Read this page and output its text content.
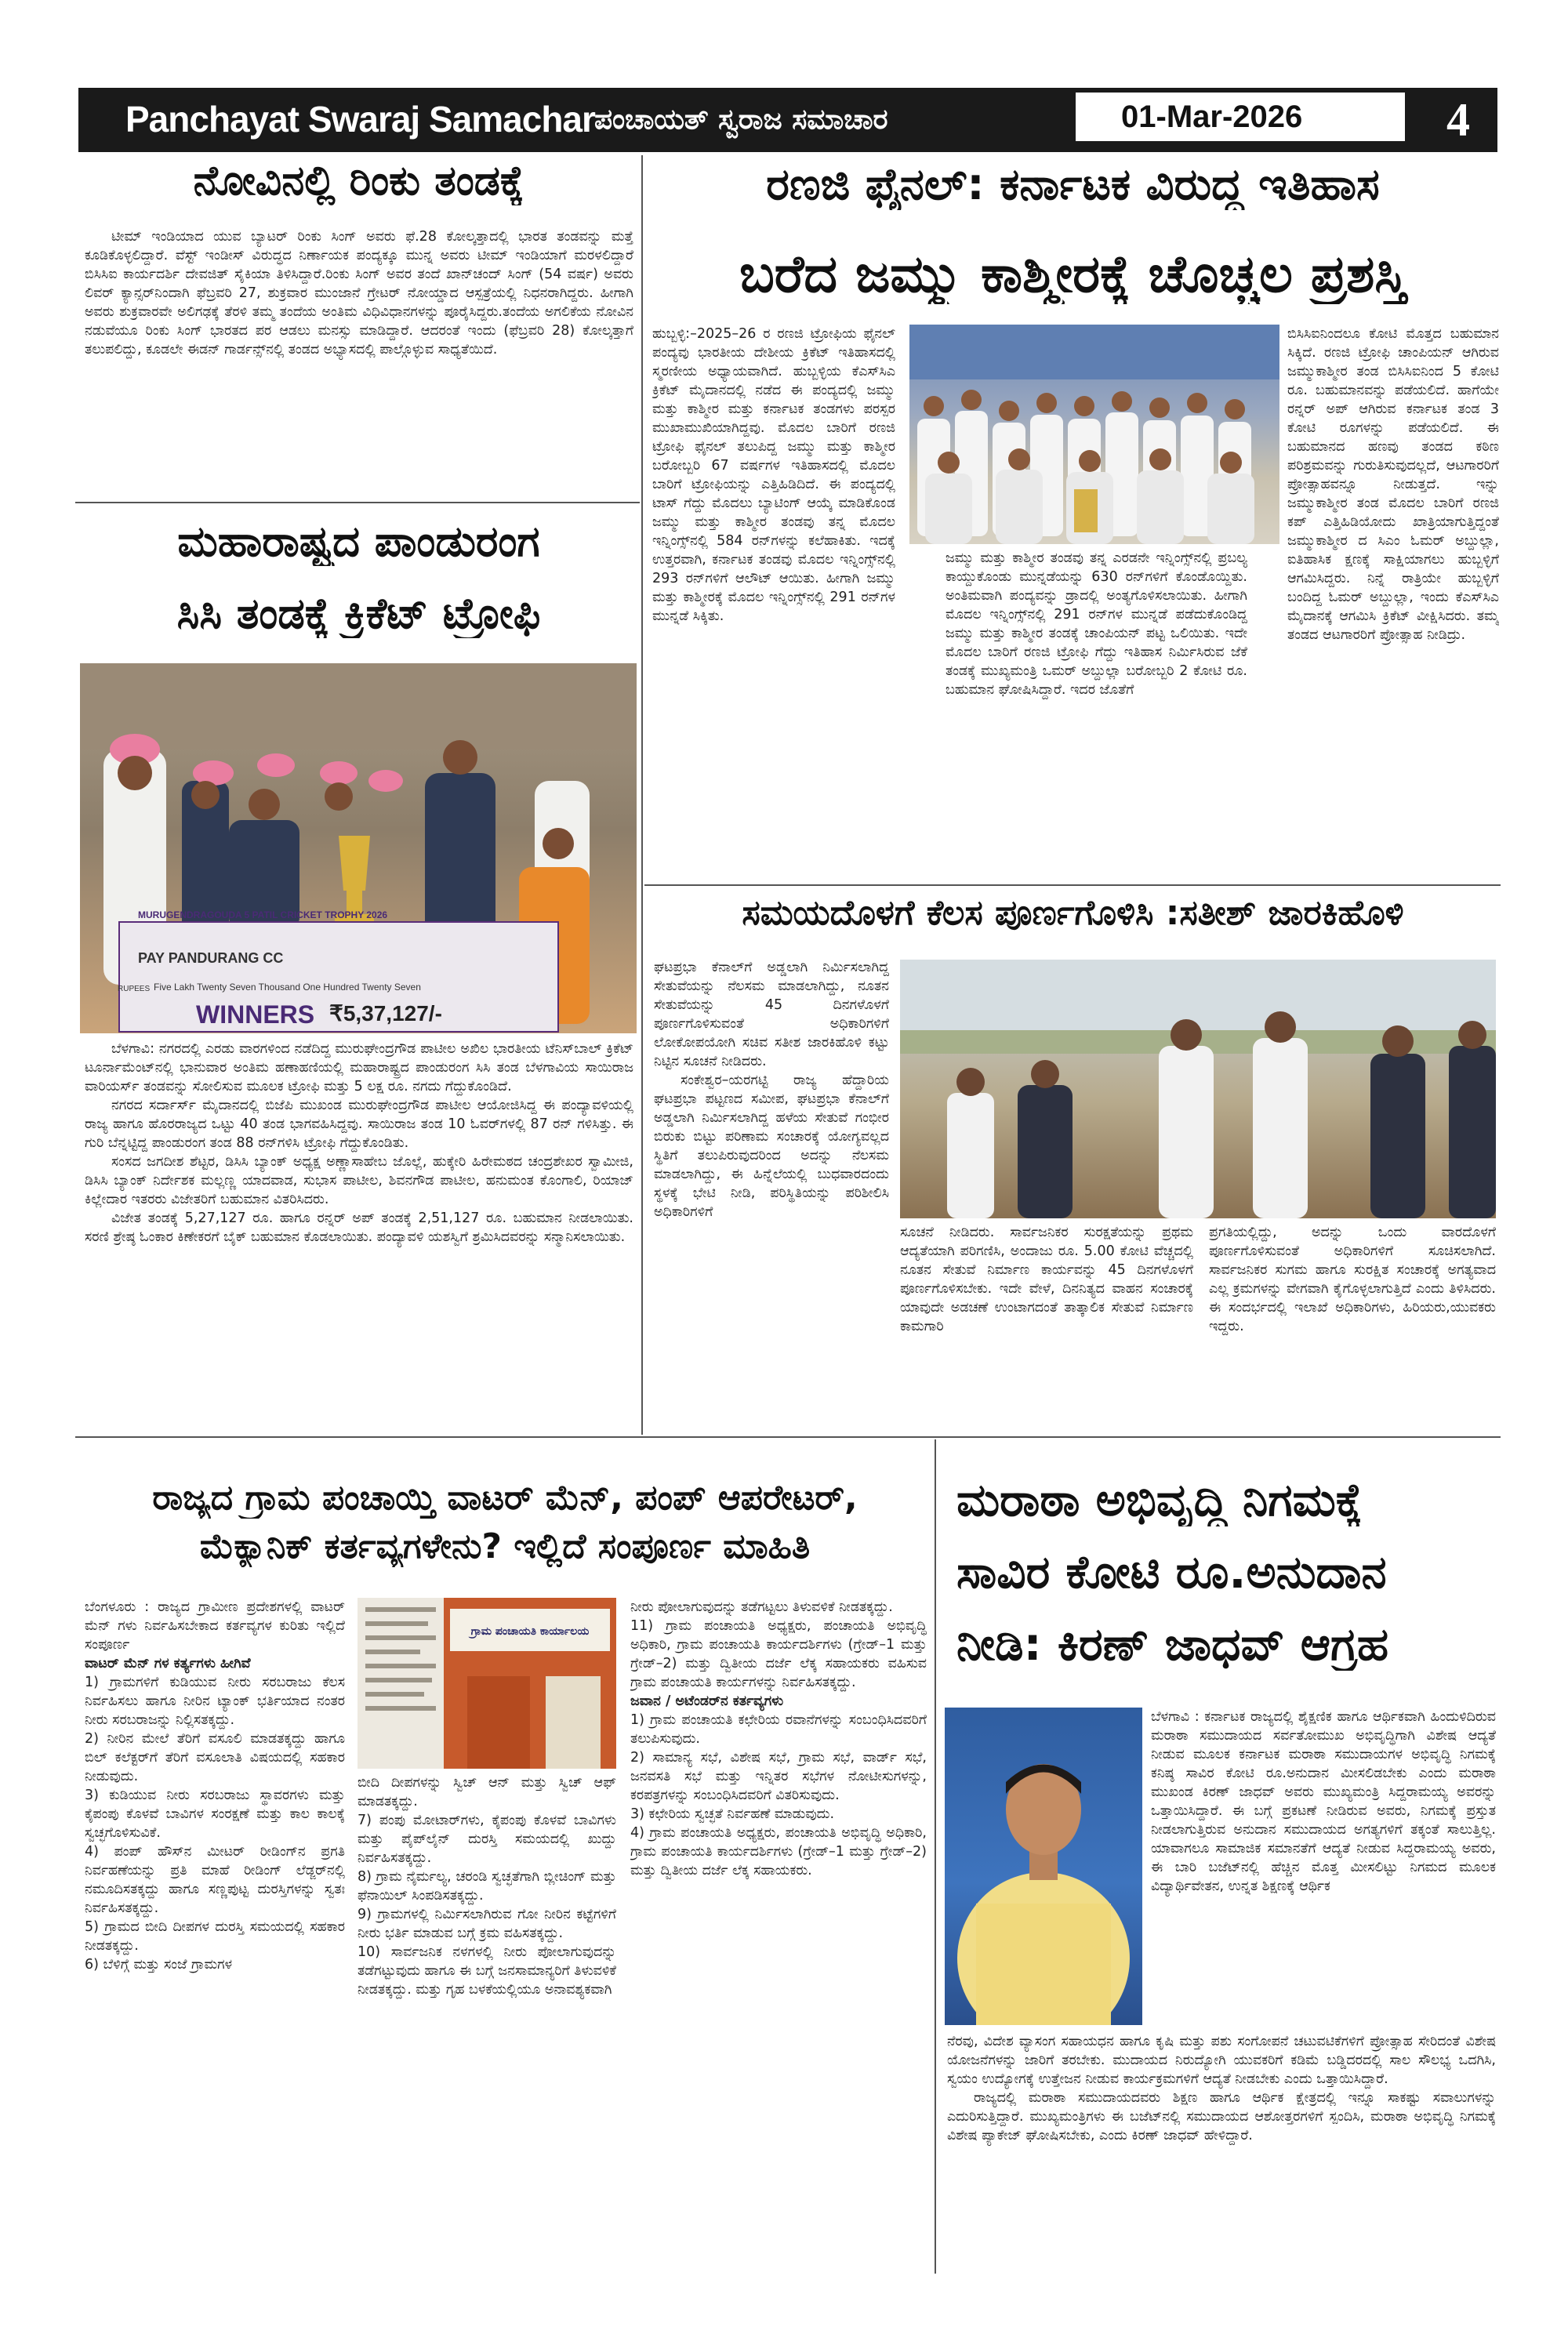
Panchayat Swaraj Samachar ಪಂಚಾಯತ್ ಸ್ವರಾಜ ಸಮಾಚಾರ	01-Mar-2026	4
ನೋವಿನಲ್ಲಿ ರಿಂಕು ತಂಡಕ್ಕೆ
ಟೀಮ್ ಇಂಡಿಯಾದ ಯುವ ಬ್ಯಾಟರ್ ರಿಂಕು ಸಿಂಗ್ ಅವರು ಫೆ.28 ಕೋಲ್ಕತ್ತಾದಲ್ಲಿ ಭಾರತ ತಂಡವನ್ನು ಮತ್ತೆ ಕೂಡಿಕೊಳ್ಳಲಿದ್ದಾರೆ. ವೆಸ್ಟ್ ಇಂಡೀಸ್ ವಿರುದ್ಧದ ನಿರ್ಣಾಯಕ ಪಂದ್ಯಕ್ಕೂ ಮುನ್ನ ಅವರು ಟೀಮ್ ಇಂಡಿಯಾಗೆ ಮರಳಲಿದ್ದಾರೆ ಬಿಸಿಸಿಐ ಕಾರ್ಯದರ್ಶಿ ದೇವಜಿತ್ ಸೈಕಿಯಾ ತಿಳಿಸಿದ್ದಾರೆ.ರಿಂಕು ಸಿಂಗ್ ಅವರ ತಂದೆ ಖಾನ್‌ಚಂದ್ ಸಿಂಗ್ (54 ವರ್ಷ) ಅವರು ಲಿವರ್ ಕ್ಯಾನ್ಸರ್‌ನಿಂದಾಗಿ ಫೆಬ್ರವರಿ 27, ಶುಕ್ರವಾರ ಮುಂಜಾನೆ ಗ್ರೇಟರ್ ನೋಯ್ಡಾದ ಆಸ್ಪತ್ರೆಯಲ್ಲಿ ನಿಧನರಾಗಿದ್ದರು. ಹೀಗಾಗಿ ಅವರು ಶುಕ್ರವಾರವೇ ಅಲಿಗಢಕ್ಕೆ ತೆರಳಿ ತಮ್ಮ ತಂದೆಯ ಅಂತಿಮ ವಿಧಿವಿಧಾನಗಳನ್ನು ಪೂರೈಸಿದ್ದರು.ತಂದೆಯ ಅಗಲಿಕೆಯ ನೋವಿನ ನಡುವೆಯೂ ರಿಂಕು ಸಿಂಗ್ ಭಾರತದ ಪರ ಆಡಲು ಮನಸ್ಸು ಮಾಡಿದ್ದಾರೆ. ಆದರಂತೆ ಇಂದು (ಫೆಬ್ರವರಿ 28) ಕೋಲ್ಕತ್ತಾಗೆ ತಲುಪಲಿದ್ದು, ಕೂಡಲೇ ಈಡನ್ ಗಾರ್ಡನ್ಸ್‌ನಲ್ಲಿ ತಂಡದ ಅಭ್ಯಾಸದಲ್ಲಿ ಪಾಲ್ಗೊಳ್ಳುವ ಸಾಧ್ಯತೆಯಿದೆ.
ರಣಜಿ ಫೈನಲ್: ಕರ್ನಾಟಕ ವಿರುದ್ಧ ಇತಿಹಾಸ
ಬರೆದ ಜಮ್ಮು ಕಾಶ್ಮೀರಕ್ಕೆ ಚೊಚ್ಚಲ ಪ್ರಶಸ್ತಿ
ಹುಬ್ಬಳ್ಳಿ:–2025–26 ರ ರಣಜಿ ಟ್ರೋಫಿಯ ಫೈನಲ್ ಪಂದ್ಯವು ಭಾರತೀಯ ದೇಶೀಯ ಕ್ರಿಕೆಟ್ ಇತಿಹಾಸದಲ್ಲಿ ಸ್ಮರಣೀಯ ಅಧ್ಯಾಯವಾಗಿದೆ. ಹುಬ್ಬಳ್ಳಿಯ ಕೆಎಸ್‌ಸಿಎ ಕ್ರಿಕೆಟ್ ಮೈದಾನದಲ್ಲಿ ನಡೆದ ಈ ಪಂದ್ಯದಲ್ಲಿ ಜಮ್ಮು ಮತ್ತು ಕಾಶ್ಮೀರ ಮತ್ತು ಕರ್ನಾಟಕ ತಂಡಗಳು ಪರಸ್ಪರ ಮುಖಾಮುಖಿಯಾಗಿದ್ದವು. ಮೊದಲ ಬಾರಿಗೆ ರಣಜಿ ಟ್ರೋಫಿ ಫೈನಲ್ ತಲುಪಿದ್ದ ಜಮ್ಮು ಮತ್ತು ಕಾಶ್ಮೀರ ಬರೋಬ್ಬರಿ 67 ವರ್ಷಗಳ ಇತಿಹಾಸದಲ್ಲಿ ಮೊದಲ ಬಾರಿಗೆ ಟ್ರೋಫಿಯನ್ನು ಎತ್ತಿಹಿಡಿದಿದೆ. ಈ ಪಂದ್ಯದಲ್ಲಿ ಟಾಸ್ ಗೆದ್ದು ಮೊದಲು ಬ್ಯಾಟಿಂಗ್ ಆಯ್ಕೆ ಮಾಡಿಕೊಂಡ ಜಮ್ಮು ಮತ್ತು ಕಾಶ್ಮೀರ ತಂಡವು ತನ್ನ ಮೊದಲ ಇನ್ನಿಂಗ್ಸ್‌ನಲ್ಲಿ 584 ರನ್‌ಗಳನ್ನು ಕಲೆಹಾಕಿತು. ಇದಕ್ಕೆ ಉತ್ತರವಾಗಿ, ಕರ್ನಾಟಕ ತಂಡವು ಮೊದಲ ಇನ್ನಿಂಗ್ಸ್‌ನಲ್ಲಿ 293 ರನ್‌ಗಳಿಗೆ ಆಲೌಟ್ ಆಯಿತು. ಹೀಗಾಗಿ ಜಮ್ಮು ಮತ್ತು ಕಾಶ್ಮೀರಕ್ಕೆ ಮೊದಲ ಇನ್ನಿಂಗ್ಸ್‌ನಲ್ಲಿ 291 ರನ್‌ಗಳ ಮುನ್ನಡೆ ಸಿಕ್ಕಿತು.
ಜಮ್ಮು ಮತ್ತು ಕಾಶ್ಮೀರ ತಂಡವು ತನ್ನ ಎರಡನೇ ಇನ್ನಿಂಗ್ಸ್‌ನಲ್ಲಿ ಪ್ರಬಲ್ಯ ಕಾಯ್ದುಕೊಂಡು ಮುನ್ನಡೆಯನ್ನು 630 ರನ್‌ಗಳಿಗೆ ಕೊಂಡೊಯ್ದಿತು. ಅಂತಿಮವಾಗಿ ಪಂದ್ಯವನ್ನು ಡ್ರಾದಲ್ಲಿ ಅಂತ್ಯಗೊಳಿಸಲಾಯಿತು. ಹೀಗಾಗಿ ಮೊದಲ ಇನ್ನಿಂಗ್ಸ್‌ನಲ್ಲಿ 291 ರನ್‌ಗಳ ಮುನ್ನಡೆ ಪಡೆದುಕೊಂಡಿದ್ದ ಜಮ್ಮು ಮತ್ತು ಕಾಶ್ಮೀರ ತಂಡಕ್ಕೆ ಚಾಂಪಿಯನ್ ಪಟ್ಟ ಒಲಿಯಿತು. ಇದೇ ಮೊದಲ ಬಾರಿಗೆ ರಣಜಿ ಟ್ರೋಫಿ ಗೆದ್ದು ಇತಿಹಾಸ ನಿರ್ಮಿಸಿರುವ ಜೆಕೆ ತಂಡಕ್ಕೆ ಮುಖ್ಯಮಂತ್ರಿ ಒಮರ್ ಅಬ್ದುಲ್ಲಾ ಬರೋಬ್ಬರಿ 2 ಕೋಟಿ ರೂ. ಬಹುಮಾನ ಘೋಷಿಸಿದ್ದಾರೆ. ಇದರ ಜೊತೆಗೆ
ಬಿಸಿಸಿಐನಿಂದಲೂ ಕೋಟಿ ಮೊತ್ತದ ಬಹುಮಾನ ಸಿಕ್ಕಿದೆ. ರಣಜಿ ಟ್ರೋಫಿ ಚಾಂಪಿಯನ್ ಆಗಿರುವ ಜಮ್ಮುಕಾಶ್ಮೀರ ತಂಡ ಬಿಸಿಸಿಐನಿಂದ 5 ಕೋಟಿ ರೂ. ಬಹುಮಾನವನ್ನು ಪಡೆಯಲಿದೆ. ಹಾಗೆಯೇ ರನ್ನರ್ ಅಪ್ ಆಗಿರುವ ಕರ್ನಾಟಕ ತಂಡ 3 ಕೋಟಿ ರೂಗಳನ್ನು ಪಡೆಯಲಿದೆ. ಈ ಬಹುಮಾನದ ಹಣವು ತಂಡದ ಕಠಿಣ ಪರಿಶ್ರಮವನ್ನು ಗುರುತಿಸುವುದಲ್ಲದೆ, ಆಟಗಾರರಿಗೆ ಪ್ರೋತ್ಸಾಹವನ್ನೂ ನೀಡುತ್ತದೆ. ಇನ್ನು ಜಮ್ಮುಕಾಶ್ಮೀರ ತಂಡ ಮೊದಲ ಬಾರಿಗೆ ರಣಜಿ ಕಪ್ ಎತ್ತಿಹಿಡಿಯೋದು ಖಾತ್ರಿಯಾಗುತ್ತಿದ್ದಂತೆ ಜಮ್ಮುಕಾಶ್ಮೀರ ದ ಸಿಎಂ ಓಮರ್ ಅಬ್ದುಲ್ಲಾ, ಐತಿಹಾಸಿಕ ಕ್ಷಣಕ್ಕೆ ಸಾಕ್ಷಿಯಾಗಲು ಹುಬ್ಬಳ್ಳಿಗೆ ಆಗಮಿಸಿದ್ದರು. ನಿನ್ನೆ ರಾತ್ರಿಯೇ ಹುಬ್ಬಳ್ಳಿಗೆ ಬಂದಿದ್ದ ಓಮರ್ ಅಬ್ದುಲ್ಲಾ, ಇಂದು ಕೆಎಸ್‌ಸಿಎ ಮೈದಾನಕ್ಕೆ ಆಗಮಿಸಿ ಕ್ರಿಕೆಟ್ ವೀಕ್ಷಿಸಿದರು. ತಮ್ಮ ತಂಡದ ಆಟಗಾರರಿಗೆ ಪ್ರೋತ್ಸಾಹ ನೀಡಿದ್ರು.
ಮಹಾರಾಷ್ಟ್ರದ ಪಾಂಡುರಂಗ
ಸಿಸಿ ತಂಡಕ್ಕೆ ಕ್ರಿಕೆಟ್ ಟ್ರೋಫಿ
MURUGENDRAGOUDA 5 PATIL CRICKET TROPHY 2026
PAY PANDURANG CC
RUPEES Five Lakh Twenty Seven Thousand One Hundred Twenty Seven
WINNERS ₹5,37,127/-

ಬೆಳಗಾವಿ: ನಗರದಲ್ಲಿ ಎರಡು ವಾರಗಳಿಂದ ನಡೆದಿದ್ದ ಮುರುಘೇಂದ್ರಗೌಡ ಪಾಟೀಲ ಅಖಿಲ ಭಾರತೀಯ ಟೆನಿಸ್‌ಬಾಲ್ ಕ್ರಿಕೆಟ್ ಟೂರ್ನಾಮೆಂಟ್‌ನಲ್ಲಿ ಭಾನುವಾರ ಅಂತಿಮ ಹಣಾಹಣಿಯಲ್ಲಿ ಮಹಾರಾಷ್ಟ್ರದ ಪಾಂಡುರಂಗ ಸಿಸಿ ತಂಡ ಬೆಳಗಾವಿಯ ಸಾಯಿರಾಜ ವಾರಿಯರ್ಸ್ ತಂಡವನ್ನು ಸೋಲಿಸುವ ಮೂಲಕ ಟ್ರೋಫಿ ಮತ್ತು 5 ಲಕ್ಷ ರೂ. ನಗದು ಗೆದ್ದುಕೊಂಡಿದೆ.

ನಗರದ ಸರ್ದಾರ್ಸ್ ಮೈದಾನದಲ್ಲಿ ಬಿಜೆಪಿ ಮುಖಂಡ ಮುರುಘೇಂದ್ರಗೌಡ ಪಾಟೀಲ ಆಯೋಜಿಸಿದ್ದ ಈ ಪಂದ್ಯಾವಳಿಯಲ್ಲಿ ರಾಜ್ಯ ಹಾಗೂ ಹೊರರಾಜ್ಯದ ಒಟ್ಟು 40 ತಂಡ ಭಾಗವಹಿಸಿದ್ದವು. ಸಾಯಿರಾಜ ತಂಡ 10 ಓವರ್‌ಗಳಲ್ಲಿ 87 ರನ್ ಗಳಿಸಿತ್ತು. ಈ ಗುರಿ ಬೆನ್ನಟ್ಟಿದ್ದ ಪಾಂಡುರಂಗ ತಂಡ 88 ರನ್‌ಗಳಿಸಿ ಟ್ರೋಫಿ ಗೆದ್ದುಕೊಂಡಿತು.

ಸಂಸದ ಜಗದೀಶ ಶೆಟ್ಟರ, ಡಿಸಿಸಿ ಬ್ಯಾಂಕ್ ಅಧ್ಯಕ್ಷ ಅಣ್ಣಾಸಾಹೇಬ ಜೊಲ್ಲೆ, ಹುಕ್ಕೇರಿ ಹಿರೇಮಠದ ಚಂದ್ರಶೇಖರ ಸ್ವಾಮೀಜಿ, ಡಿಸಿಸಿ ಬ್ಯಾಂಕ್ ನಿರ್ದೇಶಕ ಮಲ್ಲಣ್ಣ ಯಾದವಾಡ, ಸುಭಾಸ ಪಾಟೀಲ, ಶಿವನಗೌಡ ಪಾಟೀಲ, ಹನುಮಂತ ಕೊಂಗಾಲಿ, ರಿಯಾಜ್ ಕಿಲ್ಲೇದಾರ ಇತರರು ವಿಜೇತರಿಗೆ ಬಹುಮಾನ ವಿತರಿಸಿದರು.

ವಿಜೇತ ತಂಡಕ್ಕೆ 5,27,127 ರೂ. ಹಾಗೂ ರನ್ನರ್ ಅಪ್ ತಂಡಕ್ಕೆ 2,51,127 ರೂ. ಬಹುಮಾನ ನೀಡಲಾಯಿತು. ಸರಣಿ ಶ್ರೇಷ್ಠ ಓಂಕಾರ ಕಿಣೇಕರಗೆ ಬೈಕ್ ಬಹುಮಾನ ಕೊಡಲಾಯಿತು. ಪಂದ್ಯಾವಳಿ ಯಶಸ್ವಿಗೆ ಶ್ರಮಿಸಿದವರನ್ನು ಸನ್ಮಾನಿಸಲಾಯಿತು.

ಸಮಯದೊಳಗೆ ಕೆಲಸ ಪೂರ್ಣಗೊಳಿಸಿ :ಸತೀಶ್ ಜಾರಕಿಹೊಳಿ

ಘಟಪ್ರಭಾ ಕೆನಾಲ್‌ಗೆ ಅಡ್ಡಲಾಗಿ ನಿರ್ಮಿಸಲಾಗಿದ್ದ ಸೇತುವೆಯನ್ನು ನೆಲಸಮ ಮಾಡಲಾಗಿದ್ದು, ನೂತನ ಸೇತುವೆಯನ್ನು 45 ದಿನಗಳೊಳಗೆ ಪೂರ್ಣಗೊಳಿಸುವಂತೆ ಅಧಿಕಾರಿಗಳಿಗೆ ಲೋಕೋಪಯೋಗಿ ಸಚಿವ ಸತೀಶ ಜಾರಕಿಹೊಳಿ ಕಟ್ಟು ನಿಟ್ಟಿನ ಸೂಚನೆ ನೀಡಿದರು.

ಸಂಕೇಶ್ವರ–ಯರಗಟ್ಟಿ ರಾಜ್ಯ ಹೆದ್ದಾರಿಯ ಘಟಪ್ರಭಾ ಪಟ್ಟಣದ ಸಮೀಪ, ಘಟಪ್ರಭಾ ಕೆನಾಲ್‌ಗೆ ಅಡ್ಡಲಾಗಿ ನಿರ್ಮಿಸಲಾಗಿದ್ದ ಹಳೆಯ ಸೇತುವೆ ಗಂಭೀರ ಬಿರುಕು ಬಿಟ್ಟು ಪರಿಣಾಮ ಸಂಚಾರಕ್ಕೆ ಯೋಗ್ಯವಲ್ಲದ ಸ್ಥಿತಿಗೆ ತಲುಪಿರುವುದರಿಂದ ಅದನ್ನು ನೆಲಸಮ ಮಾಡಲಾಗಿದ್ದು, ಈ ಹಿನ್ನೆಲೆಯಲ್ಲಿ ಬುಧವಾರದಂದು ಸ್ಥಳಕ್ಕೆ ಭೇಟಿ ನೀಡಿ, ಪರಿಸ್ಥಿತಿಯನ್ನು ಪರಿಶೀಲಿಸಿ ಅಧಿಕಾರಿಗಳಿಗೆ

ಸೂಚನೆ ನೀಡಿದರು. ಸಾರ್ವಜನಿಕರ ಸುರಕ್ಷತೆಯನ್ನು ಪ್ರಥಮ ಆದ್ಯತೆಯಾಗಿ ಪರಿಗಣಿಸಿ, ಅಂದಾಜು ರೂ. 5.00 ಕೋಟಿ ವೆಚ್ಚದಲ್ಲಿ ನೂತನ ಸೇತುವೆ ನಿರ್ಮಾಣ ಕಾರ್ಯವನ್ನು 45 ದಿನಗಳೊಳಗೆ ಪೂರ್ಣಗೊಳಿಸಬೇಕು. ಇದೇ ವೇಳೆ, ದಿನನಿತ್ಯದ ವಾಹನ ಸಂಚಾರಕ್ಕೆ ಯಾವುದೇ ಅಡಚಣೆ ಉಂಟಾಗದಂತೆ ತಾತ್ಕಾಲಿಕ ಸೇತುವೆ ನಿರ್ಮಾಣ ಕಾಮಗಾರಿ
ಪ್ರಗತಿಯಲ್ಲಿದ್ದು, ಅದನ್ನು ಒಂದು ವಾರದೊಳಗೆ ಪೂರ್ಣಗೊಳಿಸುವಂತೆ ಅಧಿಕಾರಿಗಳಿಗೆ ಸೂಚಿಸಲಾಗಿದೆ. ಸಾರ್ವಜನಿಕರ ಸುಗಮ ಹಾಗೂ ಸುರಕ್ಷಿತ ಸಂಚಾರಕ್ಕೆ ಅಗತ್ಯವಾದ ಎಲ್ಲ ಕ್ರಮಗಳನ್ನು ವೇಗವಾಗಿ ಕೈಗೊಳ್ಳಲಾಗುತ್ತಿದೆ ಎಂದು ತಿಳಿಸಿದರು. ಈ ಸಂದರ್ಭದಲ್ಲಿ ಇಲಾಖೆ ಅಧಿಕಾರಿಗಳು, ಹಿರಿಯರು,ಯುವಕರು ಇದ್ದರು.
ರಾಜ್ಯದ ಗ್ರಾಮ ಪಂಚಾಯ್ತಿ ವಾಟರ್ ಮೆನ್, ಪಂಪ್ ಆಪರೇಟರ್,
ಮೆಕ್ಯಾನಿಕ್ ಕರ್ತವ್ಯಗಳೇನು? ಇಲ್ಲಿದೆ ಸಂಪೂರ್ಣ ಮಾಹಿತಿ

ಬೆಂಗಳೂರು : ರಾಜ್ಯದ ಗ್ರಾಮೀಣ ಪ್ರದೇಶಗಳಲ್ಲಿ ವಾಟರ್ ಮೆನ್ ಗಳು ನಿರ್ವಹಿಸಬೇಕಾದ ಕರ್ತವ್ಯಗಳ ಕುರಿತು ಇಲ್ಲಿದೆ ಸಂಪೂರ್ಣ

ವಾಟರ್ ಮೆನ್ ಗಳ ಕರ್ತ್ಯಗಳು ಹೀಗಿವೆ

1) ಗ್ರಾಮಗಳಿಗೆ ಕುಡಿಯುವ ನೀರು ಸರಬರಾಜು ಕೆಲಸ ನಿರ್ವಹಿಸಲು ಹಾಗೂ ನೀರಿನ ಟ್ಯಾಂಕ್ ಭರ್ತಿಯಾದ ನಂತರ ನೀರು ಸರಬರಾಜನ್ನು ನಿಲ್ಲಿಸತಕ್ಕದ್ದು.

2) ನೀರಿನ ಮೇಲೆ ತೆರಿಗೆ ವಸೂಲಿ ಮಾಡತಕ್ಕದ್ದು ಹಾಗೂ ಬಿಲ್ ಕಲೆಕ್ಟರ್‌ಗೆ ತೆರಿಗೆ ವಸೂಲಾತಿ ವಿಷಯದಲ್ಲಿ ಸಹಕಾರ ನೀಡುವುದು.

3) ಕುಡಿಯುವ ನೀರು ಸರಬರಾಜು ಸ್ಥಾವರಗಳು ಮತ್ತು ಕೈಪಂಪು ಕೊಳವೆ ಬಾವಿಗಳ ಸಂರಕ್ಷಣೆ ಮತ್ತು ಕಾಲ ಕಾಲಕ್ಕೆ ಸ್ವಚ್ಛಗೊಳಿಸುವಿಕೆ.

4) ಪಂಪ್ ಹೌಸ್‌ನ ಮೀಟರ್ ರೀಡಿಂಗ್‌ನ ಪ್ರಗತಿ ನಿರ್ವಹಣೆಯನ್ನು ಪ್ರತಿ ಮಾಹೆ ರೀಡಿಂಗ್ ಲೆಡ್ಜರ್‌ನಲ್ಲಿ ನಮೂದಿಸತಕ್ಕದ್ದು ಹಾಗೂ ಸಣ್ಣಪುಟ್ಟ ದುರಸ್ತಿಗಳನ್ನು ಸ್ವತಃ ನಿರ್ವಹಿಸತಕ್ಕದ್ದು.

5) ಗ್ರಾಮದ ಬೀದಿ ದೀಪಗಳ ದುರಸ್ತಿ ಸಮಯದಲ್ಲಿ ಸಹಕಾರ ನೀಡತಕ್ಕದ್ದು.

6) ಬೆಳಿಗ್ಗೆ ಮತ್ತು ಸಂಜೆ ಗ್ರಾಮಗಳ

ಗ್ರಾಮ ಪಂಚಾಯತಿ ಕಾರ್ಯಾಲಯ

ಬೀದಿ ದೀಪಗಳನ್ನು ಸ್ವಿಚ್ ಆನ್ ಮತ್ತು ಸ್ವಿಚ್ ಆಫ್ ಮಾಡತಕ್ಕದ್ದು.

7) ಪಂಪು ಮೋಟಾರ್‌ಗಳು, ಕೈಪಂಪು ಕೊಳವೆ ಬಾವಿಗಳು ಮತ್ತು ಪೈಪ್‌ಲೈನ್ ದುರಸ್ತಿ ಸಮಯದಲ್ಲಿ ಖುದ್ದು ನಿರ್ವಹಿಸತಕ್ಕದ್ದು.

8) ಗ್ರಾಮ ನೈರ್ಮಲ್ಯ, ಚರಂಡಿ ಸ್ವಚ್ಛತೆಗಾಗಿ ಬ್ಲೀಚಿಂಗ್ ಮತ್ತು ಫೆನಾಯಿಲ್ ಸಿಂಪಡಿಸತಕ್ಕದ್ದು.

9) ಗ್ರಾಮಗಳಲ್ಲಿ ನಿರ್ಮಿಸಲಾಗಿರುವ ಗೋ ನೀರಿನ ಕಟ್ಟೆಗಳಿಗೆ ನೀರು ಭರ್ತಿ ಮಾಡುವ ಬಗ್ಗೆ ಕ್ರಮ ವಹಿಸತಕ್ಕದ್ದು.

10) ಸಾರ್ವಜನಿಕ ನಳಗಳಲ್ಲಿ ನೀರು ಪೋಲಾಗುವುದನ್ನು ತಡೆಗಟ್ಟುವುದು ಹಾಗೂ ಈ ಬಗ್ಗೆ ಜನಸಾಮಾನ್ಯರಿಗೆ ತಿಳುವಳಿಕೆ ನೀಡತಕ್ಕದ್ದು. ಮತ್ತು ಗೃಹ ಬಳಕೆಯಲ್ಲಿಯೂ ಅನಾವಶ್ಯಕವಾಗಿ

ನೀರು ಪೋಲಾಗುವುದನ್ನು ತಡೆಗಟ್ಟಲು ತಿಳುವಳಿಕೆ ನೀಡತಕ್ಕದ್ದು.

11) ಗ್ರಾಮ ಪಂಚಾಯತಿ ಅಧ್ಯಕ್ಷರು, ಪಂಚಾಯತಿ ಅಭಿವೃದ್ಧಿ ಅಧಿಕಾರಿ, ಗ್ರಾಮ ಪಂಚಾಯತಿ ಕಾರ್ಯದರ್ಶಿಗಳು (ಗ್ರೇಡ್–1 ಮತ್ತು ಗ್ರೇಡ್–2) ಮತ್ತು ದ್ವಿತೀಯ ದರ್ಜೆ ಲೆಕ್ಕ ಸಹಾಯಕರು ವಹಿಸುವ ಗ್ರಾಮ ಪಂಚಾಯತಿ ಕಾರ್ಯಗಳನ್ನು ನಿರ್ವಹಿಸತಕ್ಕದ್ದು.

ಜವಾನ / ಅಟೆಂಡರ್‌ನ ಕರ್ತವ್ಯಗಳು

1) ಗ್ರಾಮ ಪಂಚಾಯತಿ ಕಛೇರಿಯ ರವಾನೆಗಳನ್ನು ಸಂಬಂಧಿಸಿದವರಿಗೆ ತಲುಪಿಸುವುದು.

2) ಸಾಮಾನ್ಯ ಸಭೆ, ವಿಶೇಷ ಸಭೆ, ಗ್ರಾಮ ಸಭೆ, ವಾರ್ಡ್ ಸಭೆ, ಜನವಸತಿ ಸಭೆ ಮತ್ತು ಇನ್ನಿತರ ಸಭೆಗಳ ನೋಟೀಸುಗಳನ್ನು, ಕರಪತ್ರಗಳನ್ನು ಸಂಬಂಧಿಸಿದವರಿಗೆ ವಿತರಿಸುವುದು.

3) ಕಛೇರಿಯ ಸ್ವಚ್ಛತೆ ನಿರ್ವಹಣೆ ಮಾಡುವುದು.

4) ಗ್ರಾಮ ಪಂಚಾಯತಿ ಅಧ್ಯಕ್ಷರು, ಪಂಚಾಯತಿ ಅಭಿವೃದ್ಧಿ ಅಧಿಕಾರಿ, ಗ್ರಾಮ ಪಂಚಾಯತಿ ಕಾರ್ಯದರ್ಶಿಗಳು (ಗ್ರೇಡ್–1 ಮತ್ತು ಗ್ರೇಡ್–2) ಮತ್ತು ದ್ವಿತೀಯ ದರ್ಜೆ ಲೆಕ್ಕ ಸಹಾಯಕರು.

ಮರಾಠಾ ಅಭಿವೃದ್ಧಿ ನಿಗಮಕ್ಕೆ
ಸಾವಿರ ಕೋಟಿ ರೂ.ಅನುದಾನ
ನೀಡಿ: ಕಿರಣ್ ಜಾಧವ್ ಆಗ್ರಹ
ಬೆಳಗಾವಿ : ಕರ್ನಾಟಕ ರಾಜ್ಯದಲ್ಲಿ ಶೈಕ್ಷಣಿಕ ಹಾಗೂ ಆರ್ಥಿಕವಾಗಿ ಹಿಂದುಳಿದಿರುವ ಮರಾಠಾ ಸಮುದಾಯದ ಸರ್ವತೋಮುಖ ಅಭಿವೃದ್ಧಿಗಾಗಿ ವಿಶೇಷ ಆದ್ಯತೆ ನೀಡುವ ಮೂಲಕ ಕರ್ನಾಟಕ ಮರಾಠಾ ಸಮುದಾಯಗಳ ಅಭಿವೃದ್ಧಿ ನಿಗಮಕ್ಕೆ ಕನಿಷ್ಠ ಸಾವಿರ ಕೋಟಿ ರೂ.ಅನುದಾನ ಮೀಸಲಿಡಬೇಕು ಎಂದು ಮರಾಠಾ ಮುಖಂಡ ಕಿರಣ್ ಜಾಧವ್ ಅವರು ಮುಖ್ಯಮಂತ್ರಿ ಸಿದ್ದರಾಮಯ್ಯ ಅವರನ್ನು ಒತ್ತಾಯಿಸಿದ್ದಾರೆ. ಈ ಬಗ್ಗೆ ಪ್ರಕಟಣೆ ನೀಡಿರುವ ಅವರು, ನಿಗಮಕ್ಕೆ ಪ್ರಸ್ತುತ ನೀಡಲಾಗುತ್ತಿರುವ ಅನುದಾನ ಸಮುದಾಯದ ಅಗತ್ಯಗಳಿಗೆ ತಕ್ಕಂತೆ ಸಾಲುತ್ತಿಲ್ಲ. ಯಾವಾಗಲೂ ಸಾಮಾಜಿಕ ಸಮಾನತೆಗೆ ಆದ್ಯತೆ ನೀಡುವ ಸಿದ್ದರಾಮಯ್ಯ ಅವರು, ಈ ಬಾರಿ ಬಜೆಟ್‌ನಲ್ಲಿ ಹೆಚ್ಚಿನ ಮೊತ್ತ ಮೀಸಲಿಟ್ಟು ನಿಗಮದ ಮೂಲಕ ವಿದ್ಯಾರ್ಥಿವೇತನ, ಉನ್ನತ ಶಿಕ್ಷಣಕ್ಕೆ ಆರ್ಥಿಕ

ನೆರವು, ವಿದೇಶ ವ್ಯಾಸಂಗ ಸಹಾಯಧನ ಹಾಗೂ ಕೃಷಿ ಮತ್ತು ಪಶು ಸಂಗೋಪನೆ ಚಟುವಟಿಕೆಗಳಿಗೆ ಪ್ರೋತ್ಸಾಹ ಸೇರಿದಂತೆ ವಿಶೇಷ ಯೋಜನೆಗಳನ್ನು ಜಾರಿಗೆ ತರಬೇಕು. ಮುದಾಯದ ನಿರುದ್ಯೋಗಿ ಯುವಕರಿಗೆ ಕಡಿಮೆ ಬಡ್ಡಿದರದಲ್ಲಿ ಸಾಲ ಸೌಲಭ್ಯ ಒದಗಿಸಿ, ಸ್ವಯಂ ಉದ್ಯೋಗಕ್ಕೆ ಉತ್ತೇಜನ ನೀಡುವ ಕಾರ್ಯಕ್ರಮಗಳಿಗೆ ಆದ್ಯತೆ ನೀಡಬೇಕು ಎಂದು ಒತ್ತಾಯಿಸಿದ್ದಾರೆ.

ರಾಜ್ಯದಲ್ಲಿ ಮರಾಠಾ ಸಮುದಾಯದವರು ಶಿಕ್ಷಣ ಹಾಗೂ ಆರ್ಥಿಕ ಕ್ಷೇತ್ರದಲ್ಲಿ ಇನ್ನೂ ಸಾಕಷ್ಟು ಸವಾಲುಗಳನ್ನು ಎದುರಿಸುತ್ತಿದ್ದಾರೆ. ಮುಖ್ಯಮಂತ್ರಿಗಳು ಈ ಬಜೆಟ್‌ನಲ್ಲಿ ಸಮುದಾಯದ ಆಶೋತ್ತರಗಳಿಗೆ ಸ್ಪಂದಿಸಿ, ಮರಾಠಾ ಅಭಿವೃದ್ಧಿ ನಿಗಮಕ್ಕೆ ವಿಶೇಷ ಪ್ಯಾಕೇಜ್ ಘೋಷಿಸಬೇಕು, ಎಂದು ಕಿರಣ್ ಜಾಧವ್ ಹೇಳಿದ್ದಾರೆ.
